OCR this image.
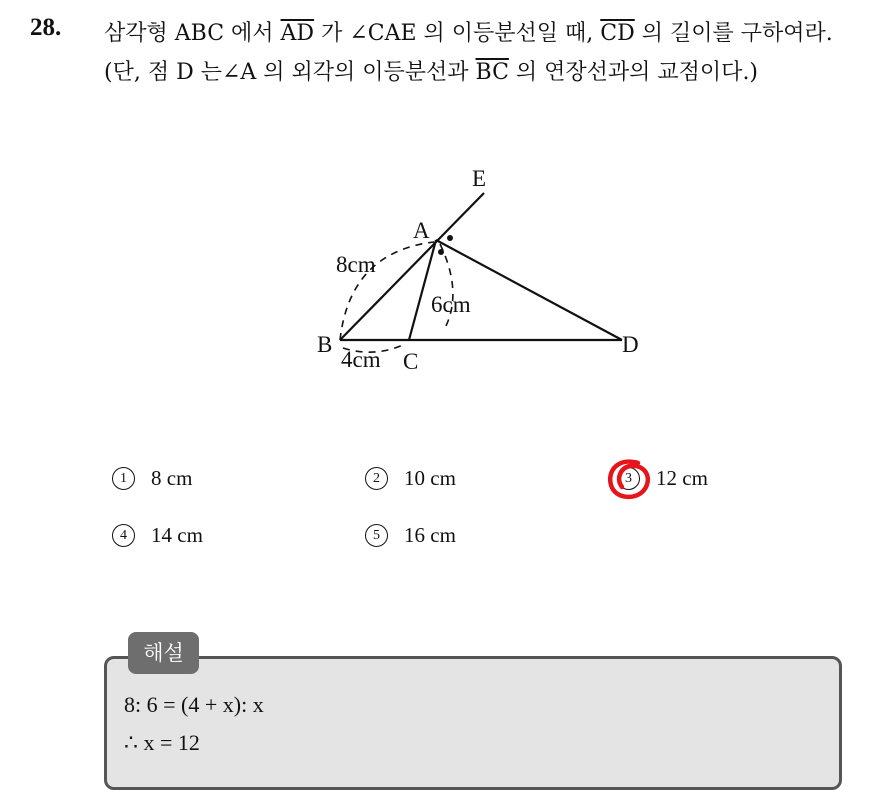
28. 삼각형 ABC 에서 $\overline{AD}$ 가 ∠CAE 의 이등분선일 때, $\overline{CD}$ 의 길이를 구하여라.(단, 점 D 는∠A 의 외각의 이등분선과 $\overline{BC}$ 의 연장선과의 교점이다.)
E
A
B
C
D
8cm
6cm
4cm
1	8 cm	2	10 cm	3	12 cm
4	14 cm	5	16 cm
해설
8: 6 = (4 + x): x
∴ x = 12
